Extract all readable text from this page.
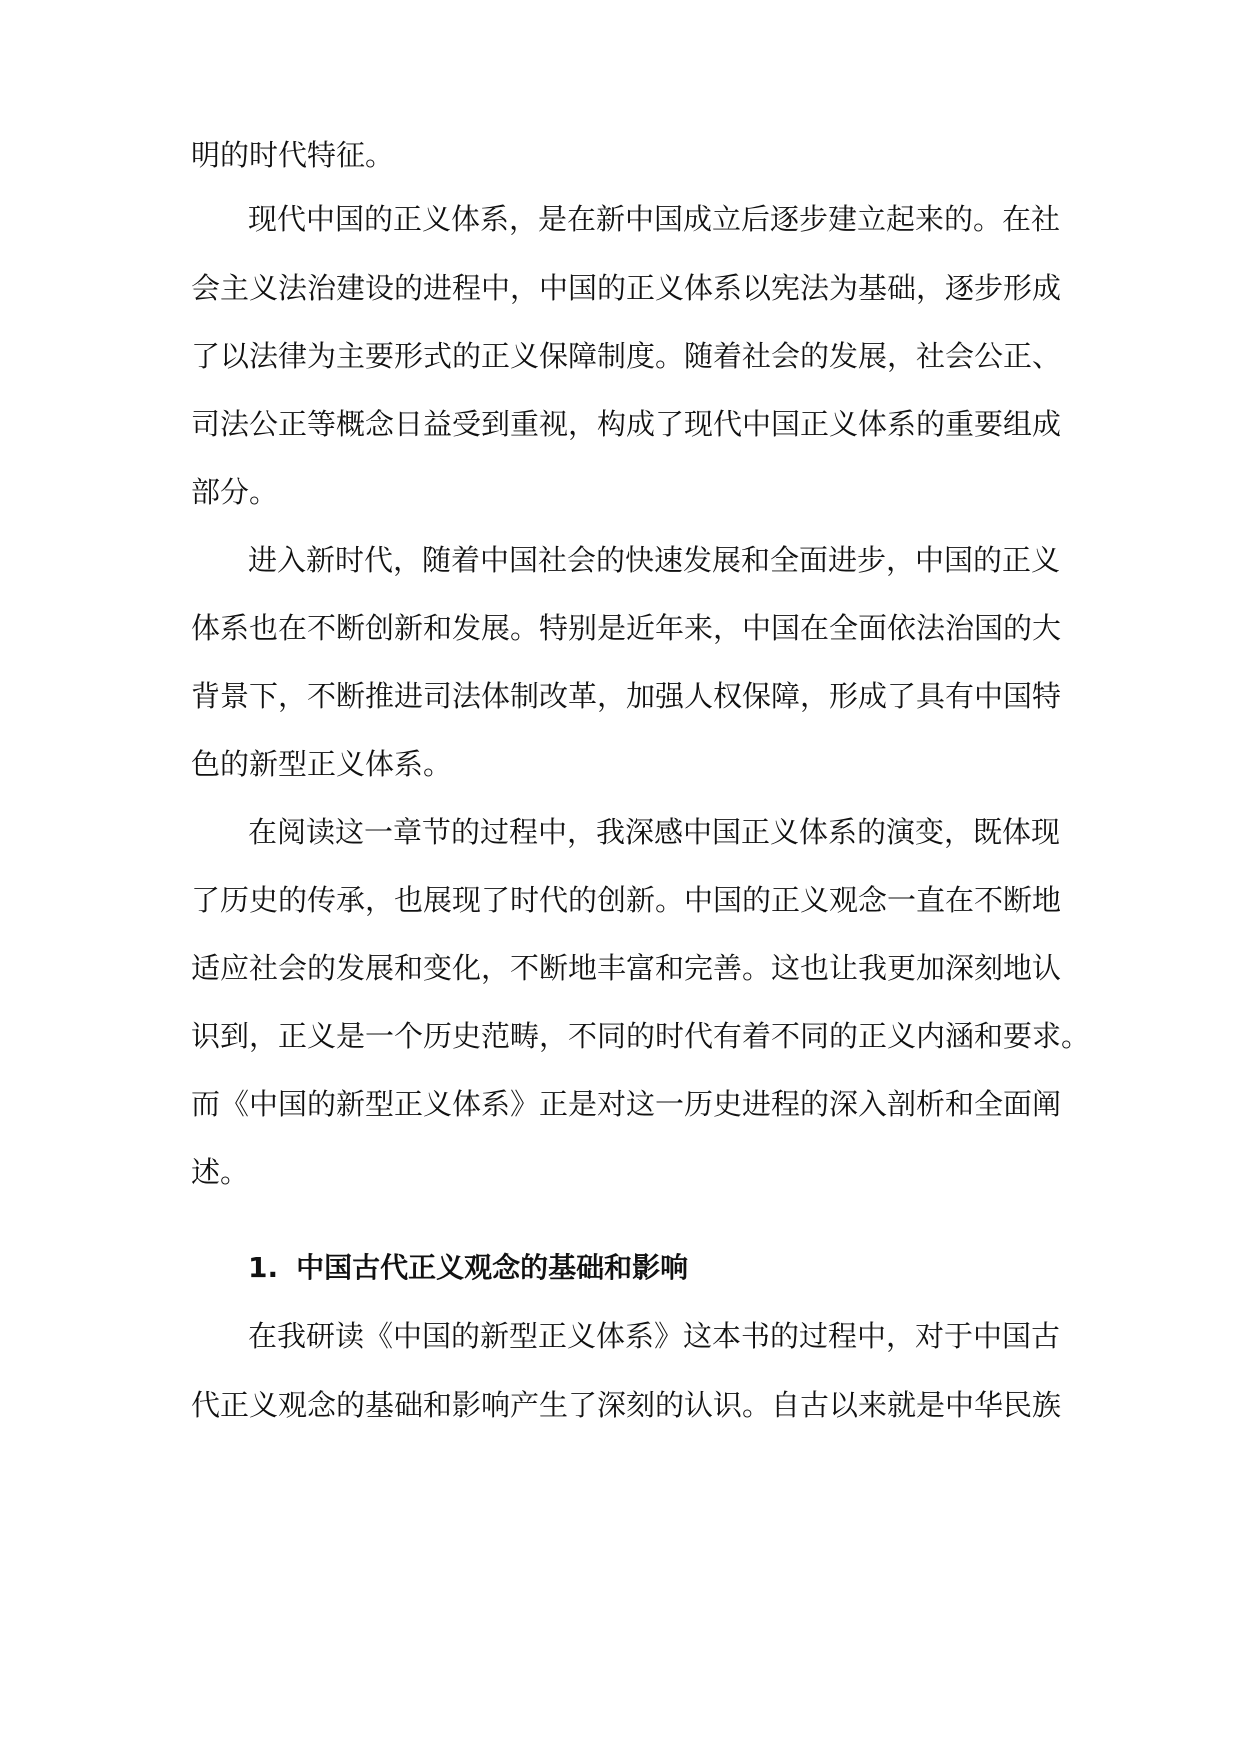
明的时代特征。
现代中国的正义体系，是在新中国成立后逐步建立起来的。在社
会主义法治建设的进程中，中国的正义体系以宪法为基础，逐步形成
了以法律为主要形式的正义保障制度。随着社会的发展，社会公正、
司法公正等概念日益受到重视，构成了现代中国正义体系的重要组成
部分。
进入新时代，随着中国社会的快速发展和全面进步，中国的正义
体系也在不断创新和发展。特别是近年来，中国在全面依法治国的大
背景下，不断推进司法体制改革，加强人权保障，形成了具有中国特
色的新型正义体系。
在阅读这一章节的过程中，我深感中国正义体系的演变，既体现
了历史的传承，也展现了时代的创新。中国的正义观念一直在不断地
适应社会的发展和变化，不断地丰富和完善。这也让我更加深刻地认
识到，正义是一个历史范畴，不同的时代有着不同的正义内涵和要求。
而《中国的新型正义体系》正是对这一历史进程的深入剖析和全面阐
述。
1. 中国古代正义观念的基础和影响
在我研读《中国的新型正义体系》这本书的过程中，对于中国古
代正义观念的基础和影响产生了深刻的认识。自古以来就是中华民族
